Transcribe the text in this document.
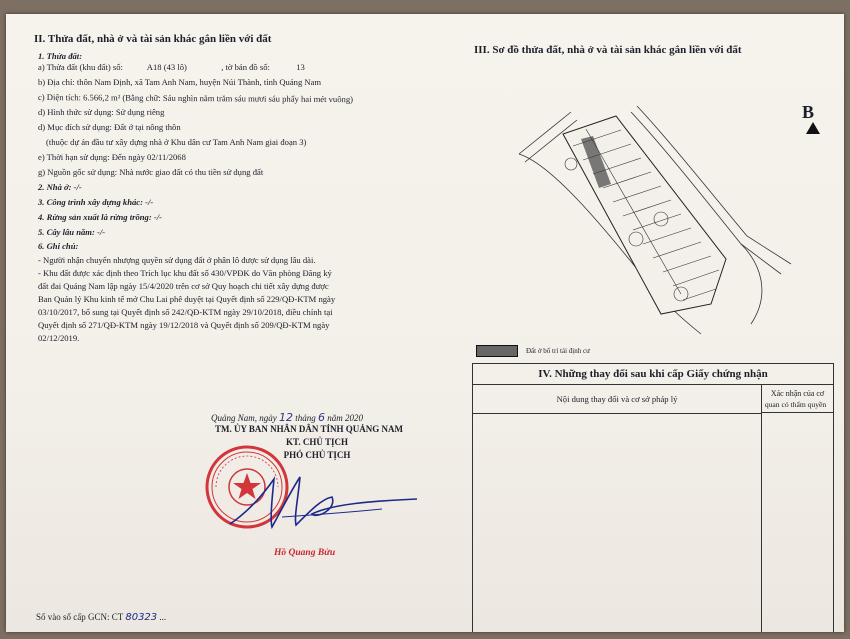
II. Thửa đất, nhà ở và tài sản khác gắn liền với đất
1. Thửa đất:
a) Thửa đất (khu đất) số:	A18 (43 lô)	, tờ bản đồ số:	13
b) Địa chỉ: thôn Nam Định, xã Tam Anh Nam, huyện Núi Thành, tỉnh Quảng Nam
c) Diện tích: 6.566,2 m² (Bằng chữ: Sáu nghìn năm trăm sáu mươi sáu phẩy hai mét vuông)
d) Hình thức sử dụng: Sử dụng riêng
d) Mục đích sử dụng: Đất ở tại nông thôn
(thuộc dự án đầu tư xây dựng nhà ở Khu dân cư Tam Anh Nam giai đoạn 3)
e) Thời hạn sử dụng: Đến ngày 02/11/2068
g) Nguồn gốc sử dụng: Nhà nước giao đất có thu tiền sử dụng đất
2. Nhà ở: -/-
3. Công trình xây dựng khác: -/-
4. Rừng sản xuất là rừng trồng: -/-
5. Cây lâu năm: -/-
6. Ghi chú:
- Người nhận chuyển nhượng quyền sử dụng đất ở phân lô được sử dụng lâu dài.
- Khu đất được xác định theo Trích lục khu đất số 430/VPĐK do Văn phòng Đăng ký
đất đai Quảng Nam lập ngày 15/4/2020 trên cơ sở Quy hoạch chi tiết xây dựng được
Ban Quản lý Khu kinh tế mở Chu Lai phê duyệt tại Quyết định số 229/QĐ-KTM ngày
03/10/2017, bổ sung tại Quyết định số 242/QĐ-KTM ngày 29/10/2018, điều chỉnh tại
Quyết định số 271/QĐ-KTM ngày 19/12/2018 và Quyết định số 209/QĐ-KTM ngày
02/12/2019.
Quảng Nam, ngày 12 tháng 6 năm 2020
TM. ỦY BAN NHÂN DÂN TỈNH QUẢNG NAM
KT. CHỦ TỊCH
PHÓ CHỦ TỊCH
Hồ Quang Bửu
Số vào sổ cấp GCN: CT 80323 ...
III. Sơ đồ thửa đất, nhà ở và tài sản khác gắn liền với đất
B
Đất ở bố trí tái định cư
IV. Những thay đổi sau khi cấp Giấy chứng nhận
Nội dung thay đổi và cơ sở pháp lý
Xác nhận của cơ
quan có thẩm quyền
